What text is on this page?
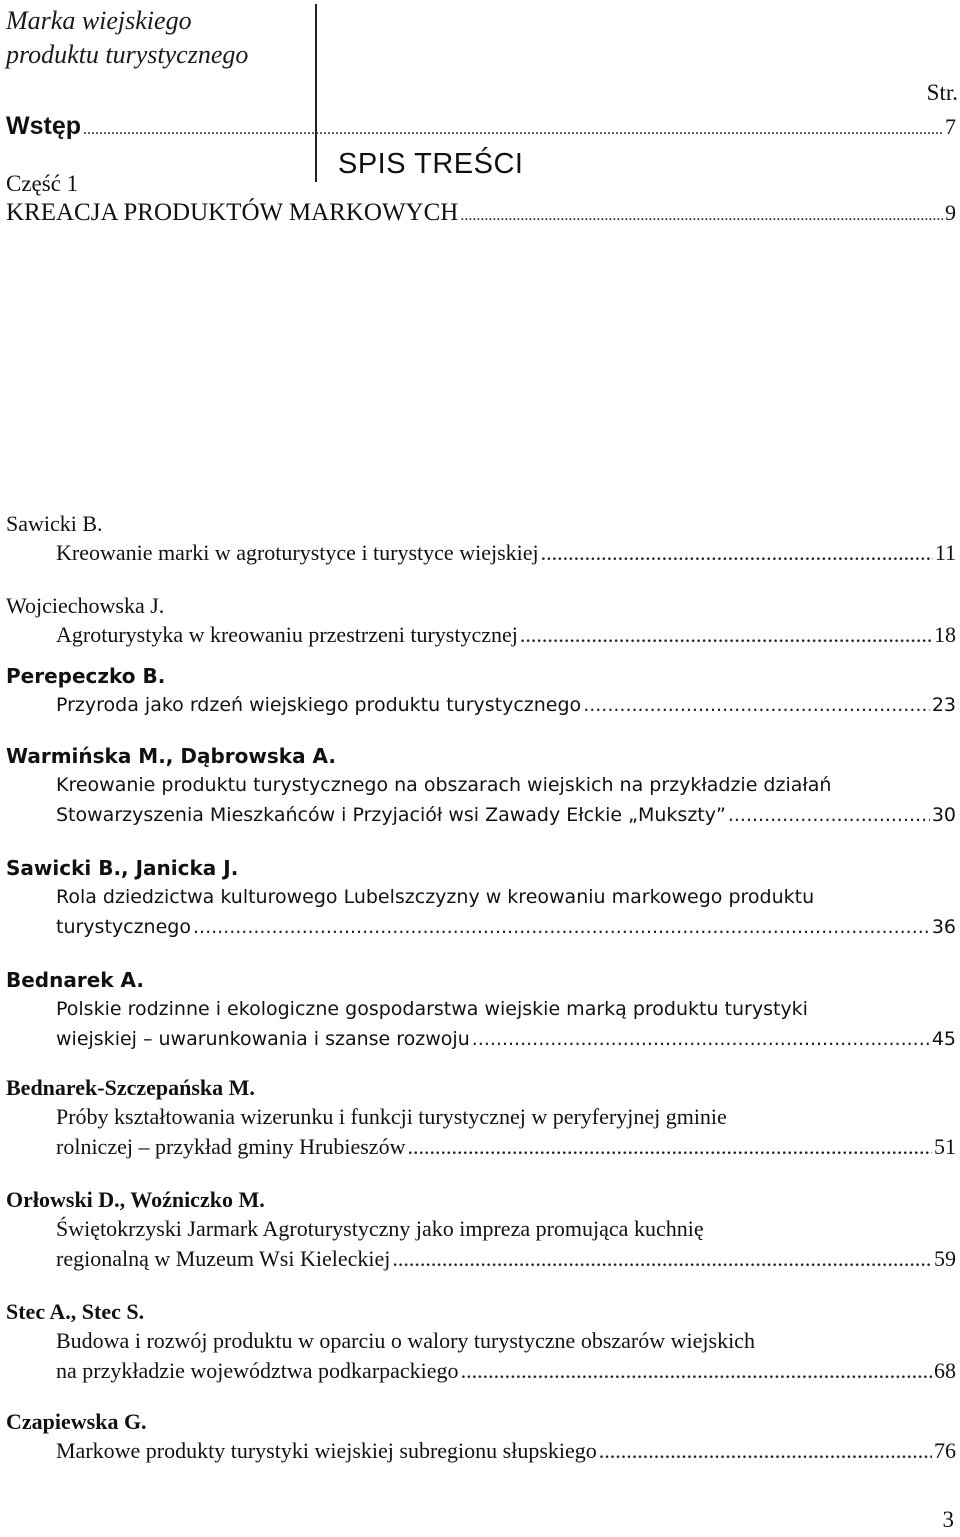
Marka wiejskiego
produktu turystycznego
SPIS TREŚCI
Str.
Wstęp .....	7
Część 1
KREACJA PRODUKTÓW MARKOWYCH .....	9
Sawicki B.
Kreowanie marki w agroturystyce i turystyce wiejskiej .....	11
Wojciechowska J.
Agroturystyka w kreowaniu przestrzeni turystycznej .....	18
Perepeczko B.
Przyroda jako rdzeń wiejskiego produktu turystycznego .....	23
Warmińska M., Dąbrowska A.
Kreowanie produktu turystycznego na obszarach wiejskich na przykładzie działań
Stowarzyszenia Mieszkańców i Przyjaciół wsi Zawady Ełckie „Mukszty” .....	30
Sawicki B., Janicka J.
Rola dziedzictwa kulturowego Lubelszczyzny w kreowaniu markowego produktu
turystycznego .....	36
Bednarek A.
Polskie rodzinne i ekologiczne gospodarstwa wiejskie marką produktu turystyki
wiejskiej – uwarunkowania i szanse rozwoju .....	45
Bednarek-Szczepańska M.
Próby kształtowania wizerunku i funkcji turystycznej w peryferyjnej gminie
rolniczej – przykład gminy Hrubieszów .....	51
Orłowski D., Woźniczko M.
Świętokrzyski Jarmark Agroturystyczny jako impreza promująca kuchnię
regionalną w Muzeum Wsi Kieleckiej .....	59
Stec A., Stec S.
Budowa i rozwój produktu w oparciu o walory turystyczne obszarów wiejskich
na przykładzie województwa podkarpackiego .....	68
Czapiewska G.
Markowe produkty turystyki wiejskiej subregionu słupskiego .....	76
3
